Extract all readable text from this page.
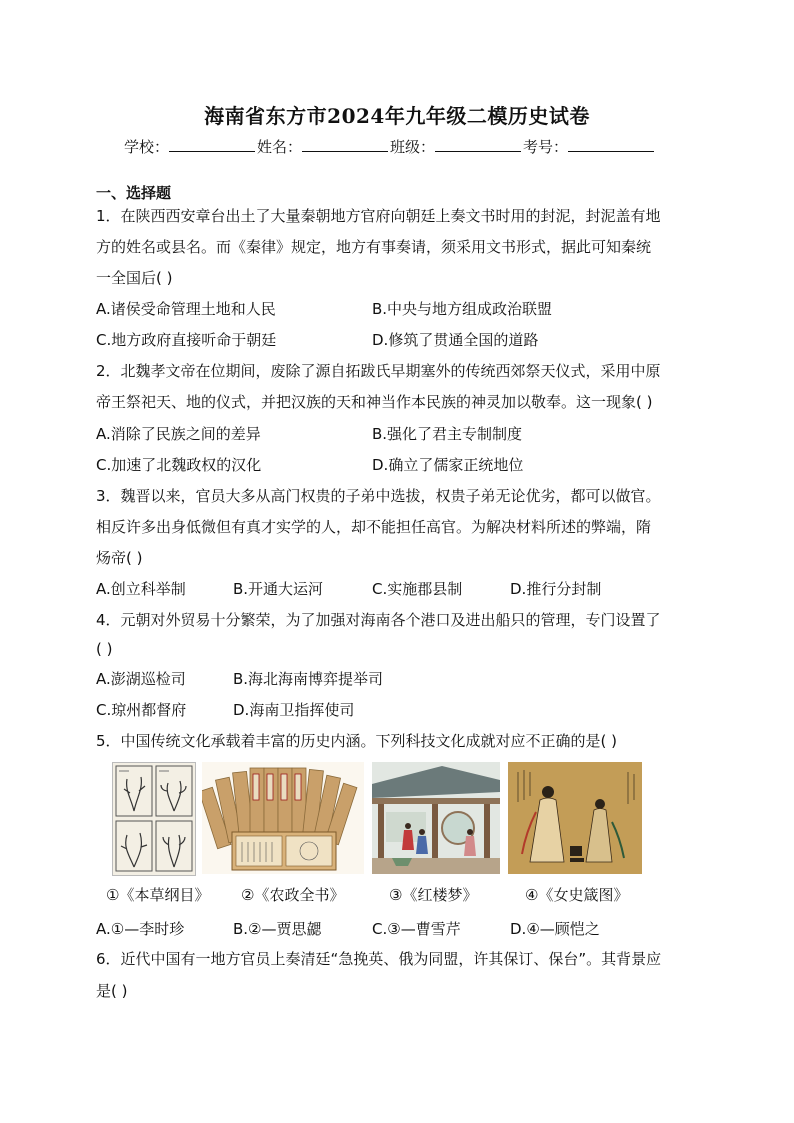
海南省东方市2024年九年级二模历史试卷
学校：	姓名：	班级：	考号：
一、选择题
1．在陕西西安章台出土了大量秦朝地方官府向朝廷上奏文书时用的封泥，封泥盖有地
方的姓名或县名。而《秦律》规定，地方有事奏请，须采用文书形式，据此可知秦统
一全国后( )
A.诸侯受命管理土地和人民	B.中央与地方组成政治联盟
C.地方政府直接听命于朝廷	D.修筑了贯通全国的道路
2．北魏孝文帝在位期间，废除了源自拓跋氏早期塞外的传统西郊祭天仪式，采用中原
帝王祭祀天、地的仪式，并把汉族的天和神当作本民族的神灵加以敬奉。这一现象( )
A.消除了民族之间的差异	B.强化了君主专制制度
C.加速了北魏政权的汉化	D.确立了儒家正统地位
3．魏晋以来，官员大多从高门权贵的子弟中选拔，权贵子弟无论优劣，都可以做官。
相反许多出身低微但有真才实学的人，却不能担任高官。为解决材料所述的弊端，隋
炀帝( )
A.创立科举制	B.开通大运河	C.实施郡县制	D.推行分封制
4．元朝对外贸易十分繁荣，为了加强对海南各个港口及进出船只的管理，专门设置了
( )
A.澎湖巡检司	B.海北海南博弈提举司
C.琼州都督府	D.海南卫指挥使司
5．中国传统文化承载着丰富的历史内涵。下列科技文化成就对应不正确的是( )
①《本草纲目》 ②《农政全书》	③《红楼梦》	④《女史箴图》
A.①—李时珍	B.②—贾思勰	C.③—曹雪芹	D.④—顾恺之
6．近代中国有一地方官员上奏清廷“急挽英、俄为同盟，许其保订、保台”。其背景应
是( )
